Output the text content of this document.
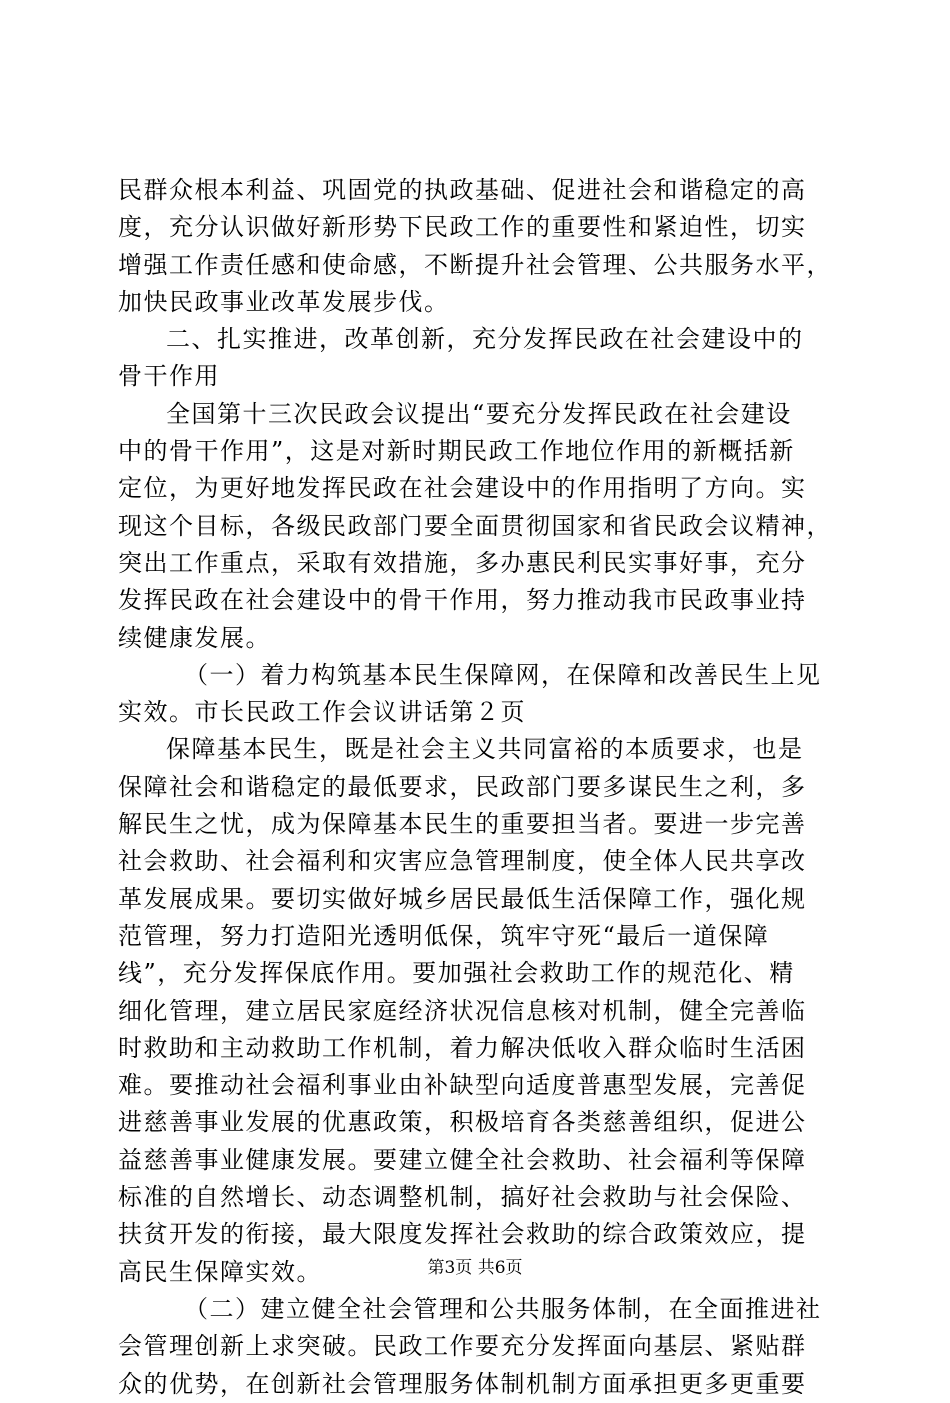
民群众根本利益、巩固党的执政基础、促进社会和谐稳定的高
度，充分认识做好新形势下民政工作的重要性和紧迫性，切实
增强工作责任感和使命感，不断提升社会管理、公共服务水平，
加快民政事业改革发展步伐。
二、扎实推进，改革创新，充分发挥民政在社会建设中的
骨干作用
全国第十三次民政会议提出“要充分发挥民政在社会建设
中的骨干作用”，这是对新时期民政工作地位作用的新概括新
定位，为更好地发挥民政在社会建设中的作用指明了方向。实
现这个目标，各级民政部门要全面贯彻国家和省民政会议精神，
突出工作重点，采取有效措施，多办惠民利民实事好事，充分
发挥民政在社会建设中的骨干作用，努力推动我市民政事业持
续健康发展。
（一）着力构筑基本民生保障网，在保障和改善民生上见
实效。市长民政工作会议讲话第２页
保障基本民生，既是社会主义共同富裕的本质要求，也是
保障社会和谐稳定的最低要求，民政部门要多谋民生之利，多
解民生之忧，成为保障基本民生的重要担当者。要进一步完善
社会救助、社会福利和灾害应急管理制度，使全体人民共享改
革发展成果。要切实做好城乡居民最低生活保障工作，强化规
范管理，努力打造阳光透明低保，筑牢守死“最后一道保障
线”，充分发挥保底作用。要加强社会救助工作的规范化、精
细化管理，建立居民家庭经济状况信息核对机制，健全完善临
时救助和主动救助工作机制，着力解决低收入群众临时生活困
难。要推动社会福利事业由补缺型向适度普惠型发展，完善促
进慈善事业发展的优惠政策，积极培育各类慈善组织，促进公
益慈善事业健康发展。要建立健全社会救助、社会福利等保障
标准的自然增长、动态调整机制，搞好社会救助与社会保险、
扶贫开发的衔接，最大限度发挥社会救助的综合政策效应，提
高民生保障实效。
（二）建立健全社会管理和公共服务体制，在全面推进社
会管理创新上求突破。民政工作要充分发挥面向基层、紧贴群
众的优势，在创新社会管理服务体制机制方面承担更多更重要
第3页 共6页
